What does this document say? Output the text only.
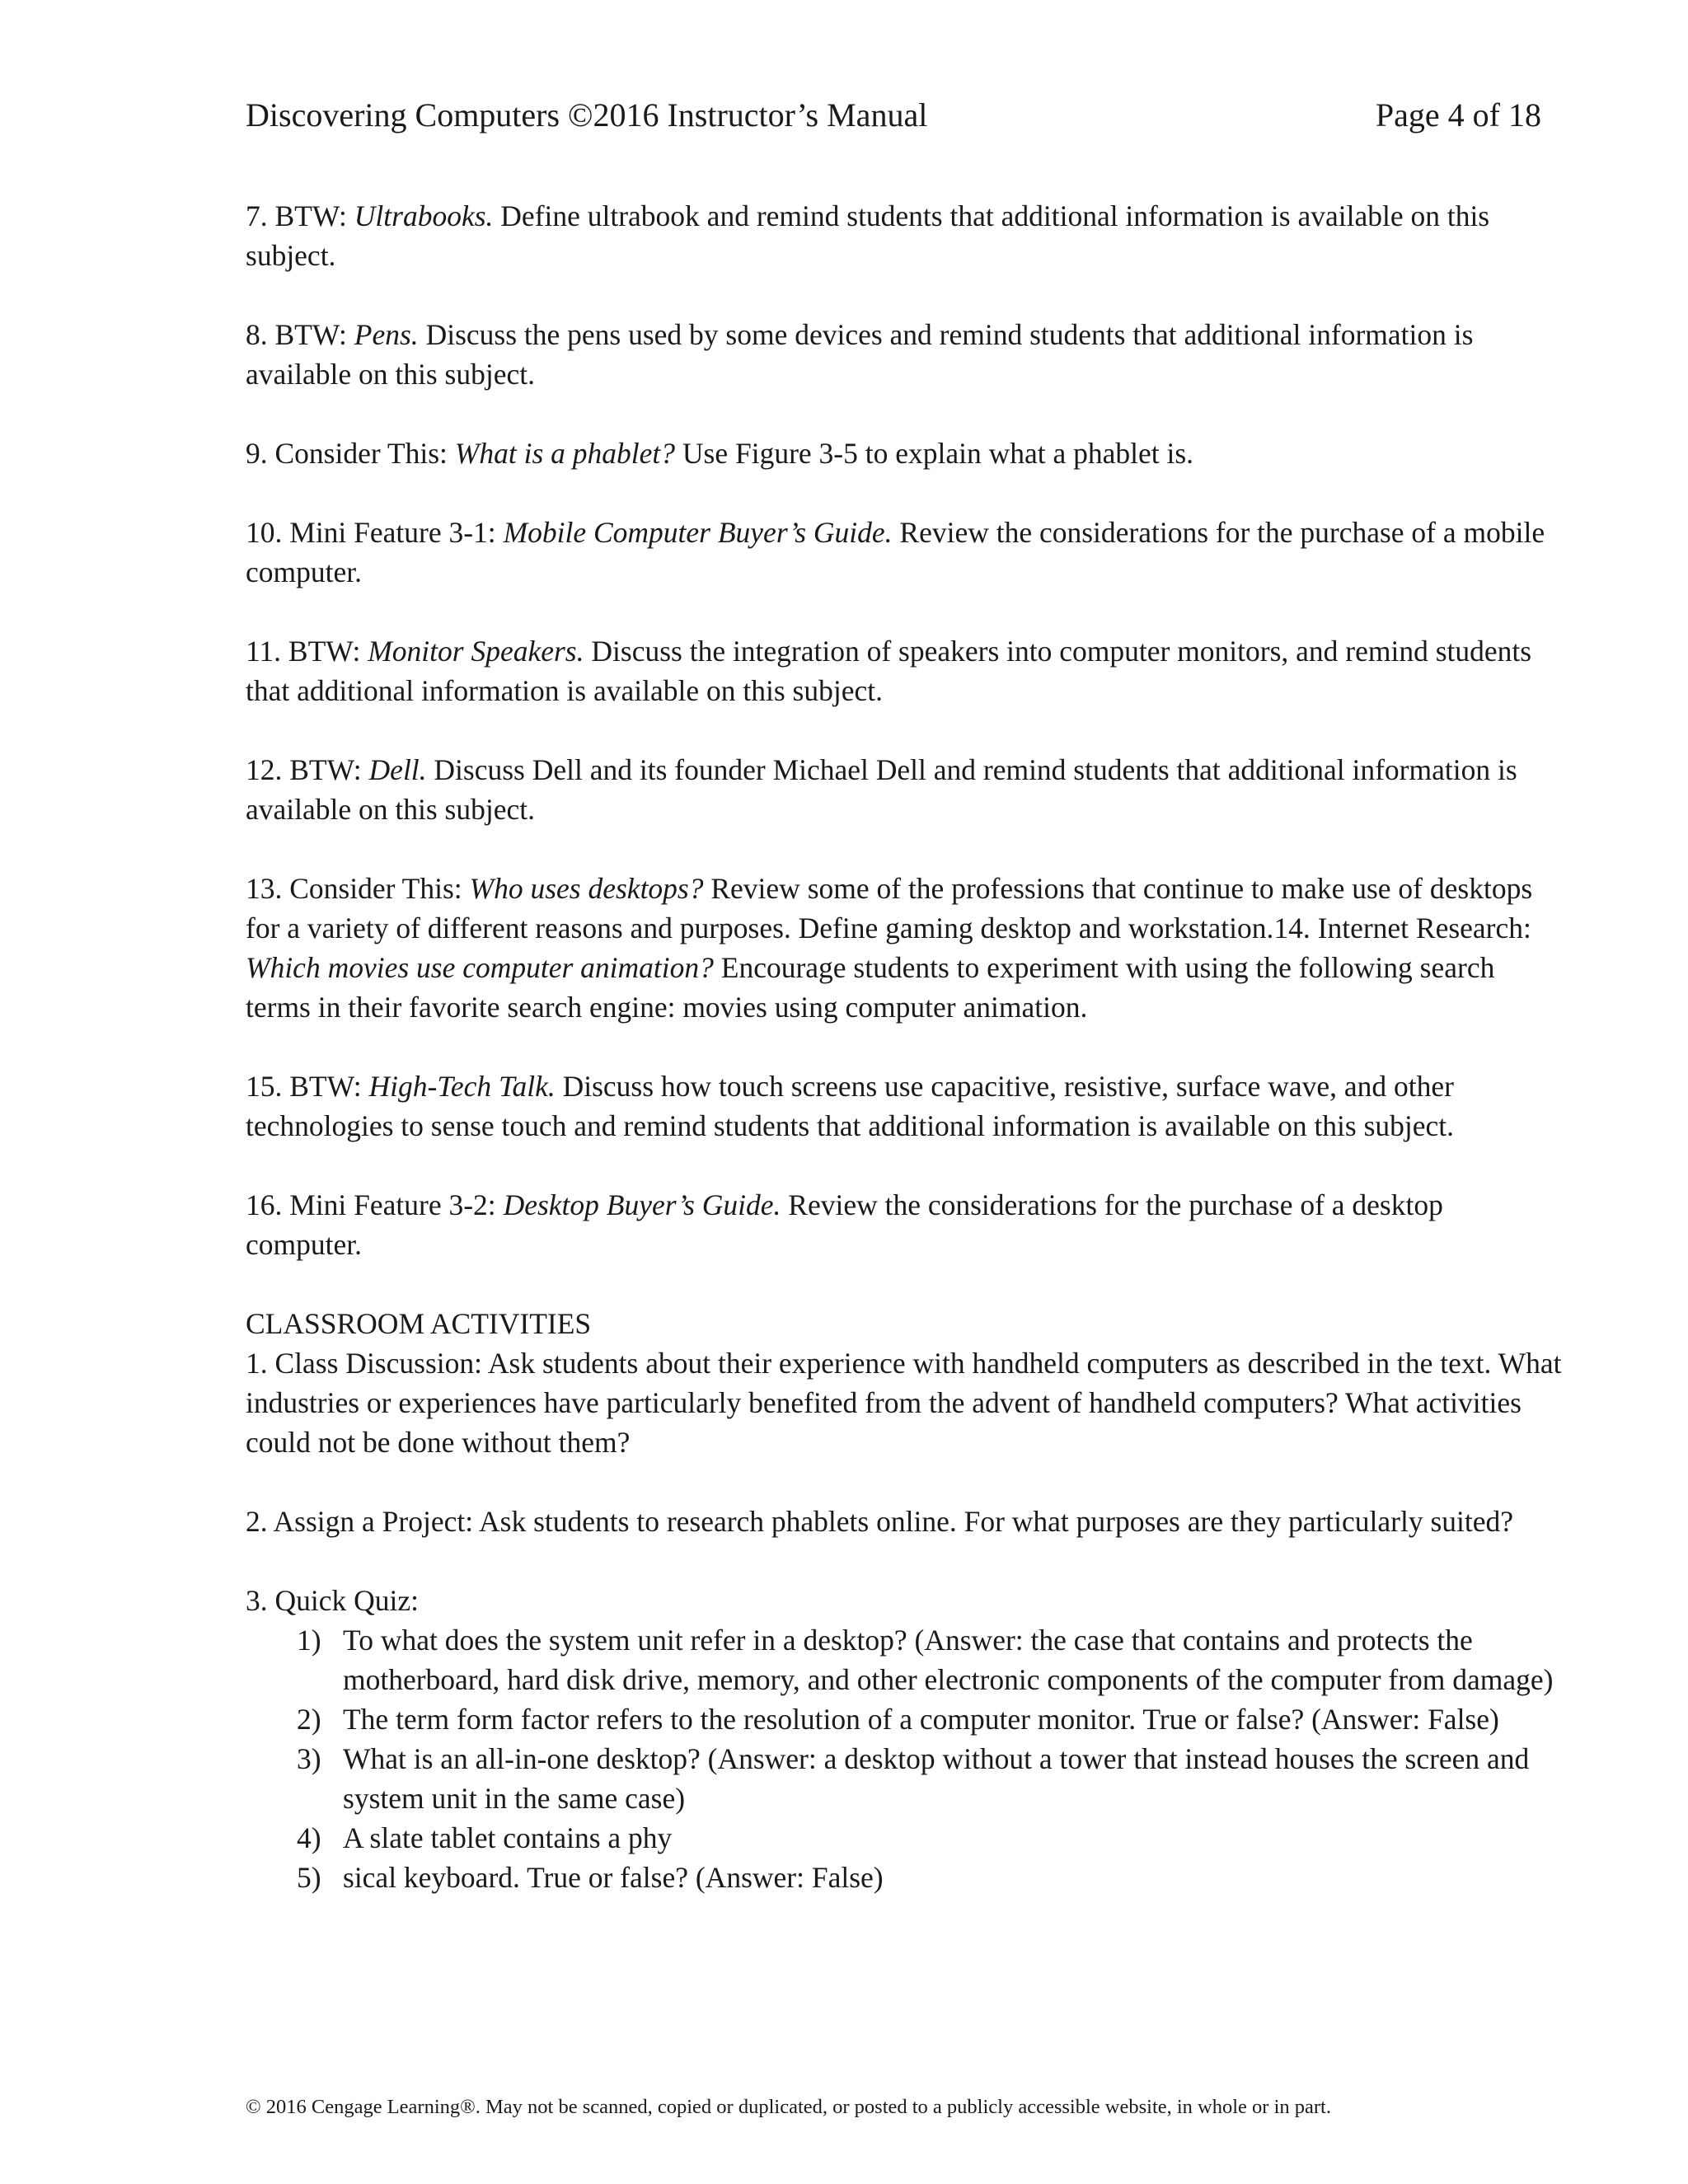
Discovering Computers ©2016 Instructor’s Manual	Page 4 of 18

7. BTW: Ultrabooks. Define ultrabook and remind students that additional information is available on this subject.

8. BTW: Pens. Discuss the pens used by some devices and remind students that additional information is available on this subject.

9. Consider This: What is a phablet? Use Figure 3-5 to explain what a phablet is.

10. Mini Feature 3-1: Mobile Computer Buyer’s Guide. Review the considerations for the purchase of a mobile computer.

11. BTW: Monitor Speakers. Discuss the integration of speakers into computer monitors, and remind students that additional information is available on this subject.

12. BTW: Dell. Discuss Dell and its founder Michael Dell and remind students that additional information is available on this subject.

13. Consider This: Who uses desktops? Review some of the professions that continue to make use of desktops for a variety of different reasons and purposes. Define gaming desktop and workstation.14. Internet Research: Which movies use computer animation? Encourage students to experiment with using the following search terms in their favorite search engine: movies using computer animation.

15. BTW: High-Tech Talk. Discuss how touch screens use capacitive, resistive, surface wave, and other technologies to sense touch and remind students that additional information is available on this subject.

16. Mini Feature 3-2: Desktop Buyer’s Guide. Review the considerations for the purchase of a desktop computer.

CLASSROOM ACTIVITIES

1. Class Discussion: Ask students about their experience with handheld computers as described in the text. What industries or experiences have particularly benefited from the advent of handheld computers? What activities could not be done without them?

2. Assign a Project: Ask students to research phablets online. For what purposes are they particularly suited?

3. Quick Quiz:

1) To what does the system unit refer in a desktop? (Answer: the case that contains and protects the motherboard, hard disk drive, memory, and other electronic components of the computer from damage)
2) The term form factor refers to the resolution of a computer monitor. True or false? (Answer: False)
3) What is an all-in-one desktop? (Answer: a desktop without a tower that instead houses the screen and system unit in the same case)
4) A slate tablet contains a phy
5) sical keyboard. True or false? (Answer: False)
© 2016 Cengage Learning®. May not be scanned, copied or duplicated, or posted to a publicly accessible website, in whole or in part.
